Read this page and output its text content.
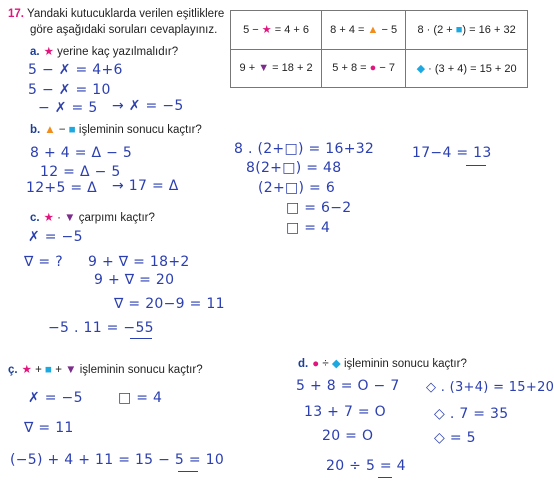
17. Yandaki kutucuklarda verilen eşitliklere
göre aşağıdaki soruları cevaplayınız. 5 − ★ = 4 + 6	8 + 4 = ▲ − 5	8 · (2 + ■) = 16 + 32
9 + ▼ = 18 + 2	5 + 8 = ● − 7	◆ · (3 + 4) = 15 + 20
a. ★ yerine kaç yazılmalıdır?
5 − ✗ = 4+6
5 − ✗ = 10
− ✗ = 5 → ✗ = −5
b. ▲ − ■ işleminin sonucu kaçtır?
8 + 4 = Δ − 5
12 = Δ − 5
12+5 = Δ → 17 = Δ
8 . (2+□) = 16+32
8(2+□) = 48
(2+□) = 6
□ = 6−2
□ = 4
17−4 = 13
c. ★ · ▼ çarpımı kaçtır?
✗ = −5
∇ = ? 9 + ∇ = 18+2
9 + ∇ = 20
∇ = 20−9 = 11
−5 . 11 = −55
ç. ★ + ■ + ▼ işleminin sonucu kaçtır?
✗ = −5	□ = 4
∇ = 11
(−5) + 4 + 11 = 15 − 5 = 10
d. ● ÷ ◆ işleminin sonucu kaçtır?
5 + 8 = O − 7
13 + 7 = O
20 = O
20 ÷ 5 = 4
◇ . (3+4) = 15+20
◇ . 7 = 35
◇ = 5
